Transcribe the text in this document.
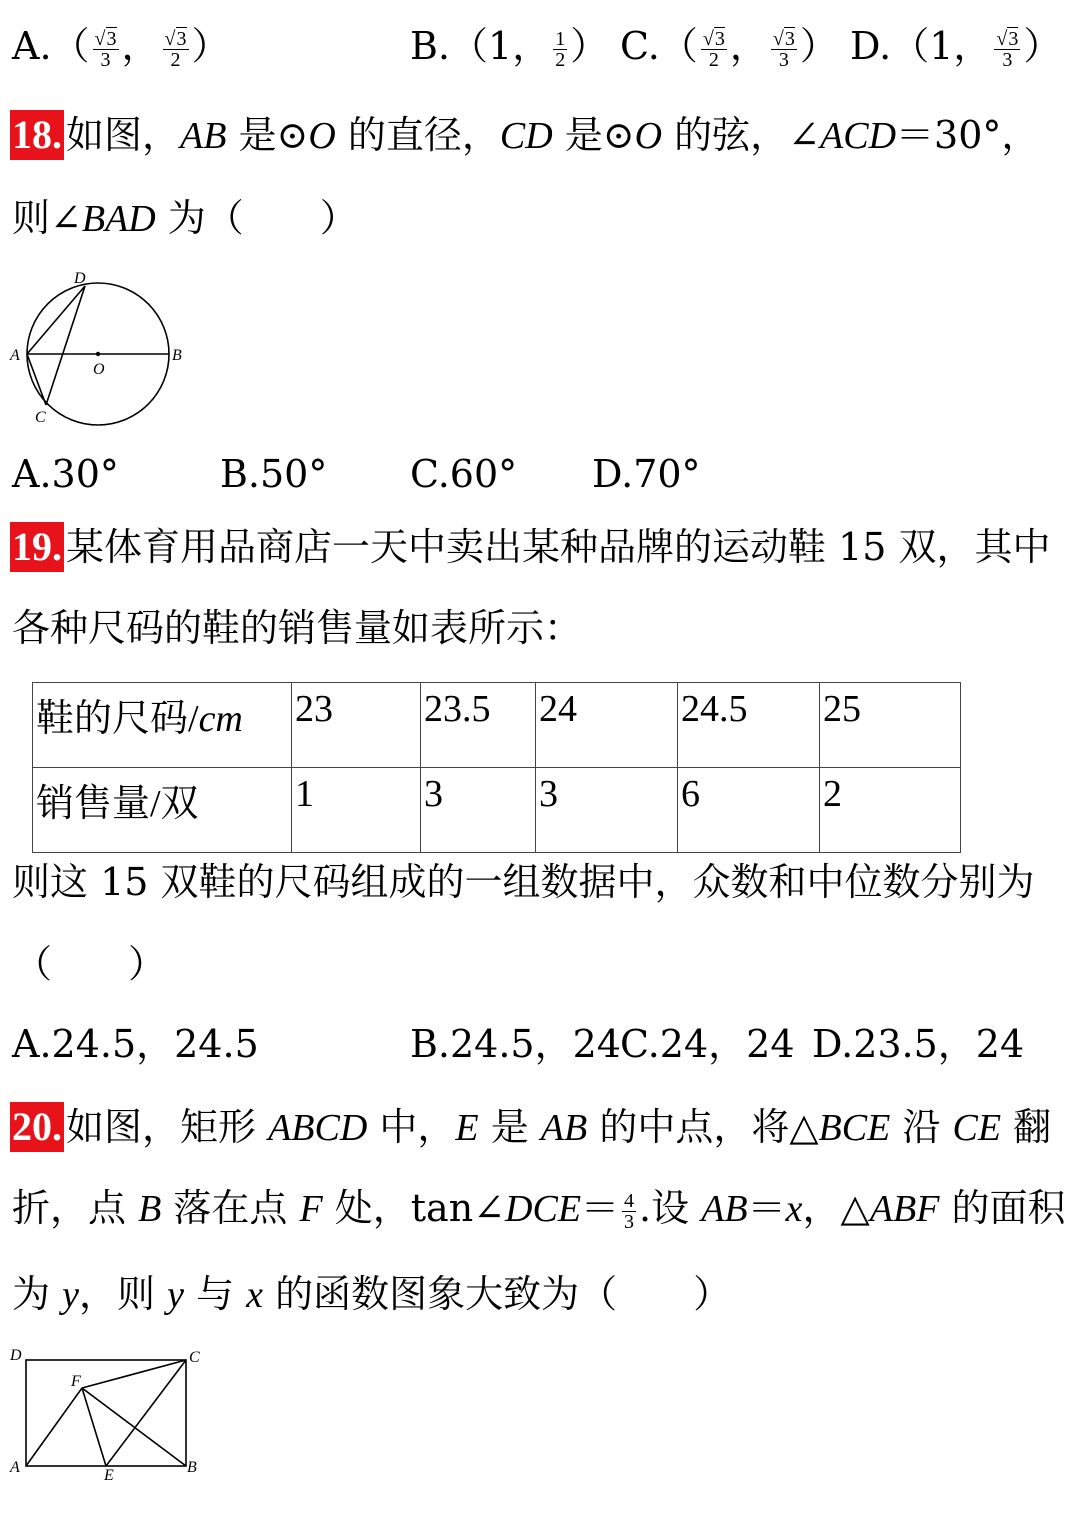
$A.( \frac{√3}{3}$ ， $\frac{√3}{2}$ ）	B.（1， $\frac{1}{2}$ ） $C.( \frac{√3}{2}$ ， $\frac{√3}{3}$ ） D.（1， $\frac{√3}{3}$ ）
18. 如图，AB 是⊙O 的直径，CD 是⊙O 的弦，∠ACD＝30°，
则∠BAD 为（　　）
D
A	B
O
C
A.30°	B.50° C.60° D.70°
19. 某体育用品商店一天中卖出某种品牌的运动鞋 15 双，其中
各种尺码的鞋的销售量如表所示：
鞋的尺码/cm	23	23.5	24	24.5	25
销售量/双	1	3	3	6	2
则这 15 双鞋的尺码组成的一组数据中，众数和中位数分别为
（　　）
A.24.5，24.5	B.24.5，24 C.24，24 D.23.5，24
20. 如图，矩形 ABCD 中，E 是 AB 的中点，将△BCE 沿 CE 翻
折，点 B 落在点 F 处，tan∠DCE＝ $\frac{4}{3}$ .设 AB＝x，△ABF 的面积
为 y，则 y 与 x 的函数图象大致为（　　）
D	C
F
A	E	B
